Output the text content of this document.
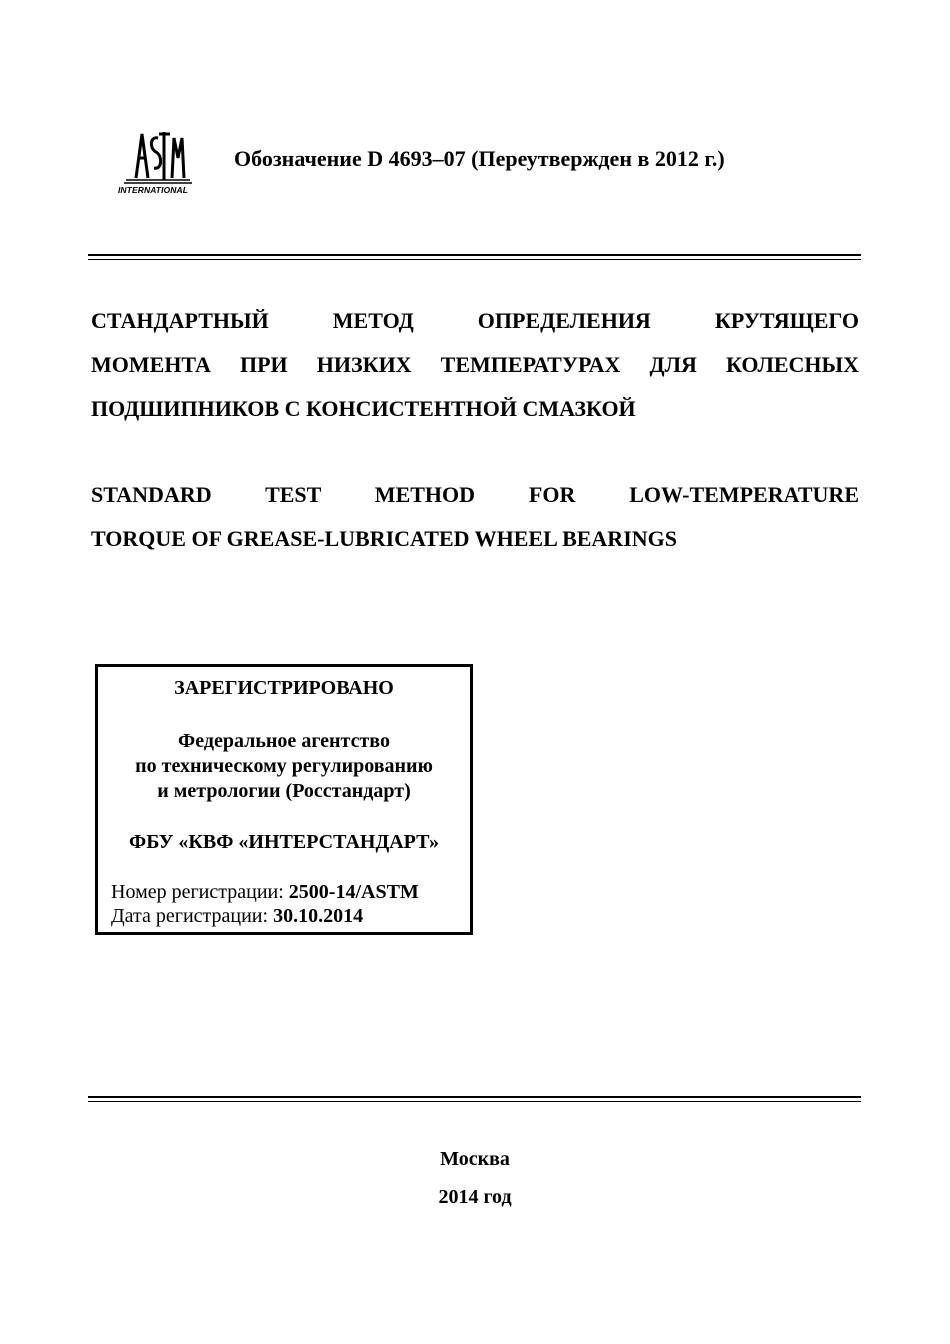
INTERNATIONAL
Обозначение D 4693–07 (Переутвержден в 2012 г.)
СТАНДАРТНЫЙ МЕТОД ОПРЕДЕЛЕНИЯ КРУТЯЩЕГО
МОМЕНТА ПРИ НИЗКИХ ТЕМПЕРАТУРАХ ДЛЯ КОЛЕСНЫХ
ПОДШИПНИКОВ С КОНСИСТЕНТНОЙ СМАЗКОЙ
STANDARD TEST METHOD FOR LOW-TEMPERATURE
TORQUE OF GREASE-LUBRICATED WHEEL BEARINGS
ЗАРЕГИСТРИРОВАНО
Федеральное агентство
по техническому регулированию
и метрологии (Росстандарт)
ФБУ «КВФ «ИНТЕРСТАНДАРТ»
Номер регистрации: 2500-14/ASTM
Дата регистрации: 30.10.2014
Москва
2014 год
